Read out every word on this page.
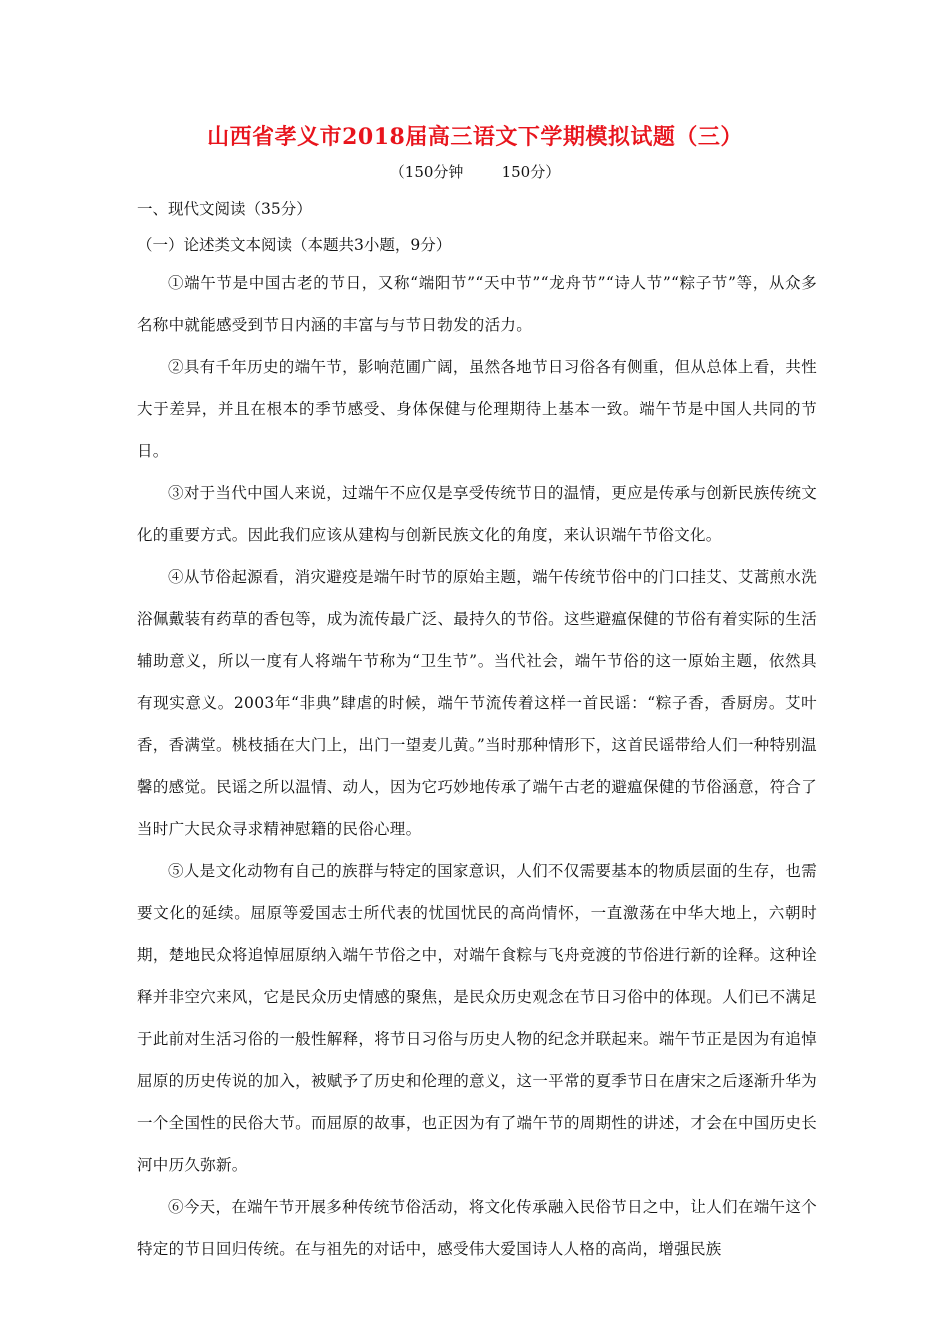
山西省孝义市2018届高三语文下学期模拟试题（三）
（150分钟        150分）
一、现代文阅读（35分）
（一）论述类文本阅读（本题共3小题，9分）

①端午节是中国古老的节日，又称“端阳节”“天中节”“龙舟节”“诗人节”“粽子节”等，从众多名称中就能感受到节日内涵的丰富与与节日勃发的活力。

②具有千年历史的端午节，影响范圃广阔，虽然各地节日习俗各有侧重，但从总体上看，共性大于差异，并且在根本的季节感受、身体保健与伦理期待上基本一致。端午节是中国人共同的节日。

③对于当代中国人来说，过端午不应仅是享受传统节日的温情，更应是传承与创新民族传统文化的重要方式。因此我们应该从建构与创新民族文化的角度，来认识端午节俗文化。

④从节俗起源看，消灾避疫是端午时节的原始主题，端午传统节俗中的门口挂艾、艾蒿煎水洗浴佩戴装有药草的香包等，成为流传最广泛、最持久的节俗。这些避瘟保健的节俗有着实际的生活辅助意义，所以一度有人将端午节称为“卫生节”。当代社会，端午节俗的这一原始主题，依然具有现实意义。2003年“非典”肆虐的时候，端午节流传着这样一首民谣：“粽子香，香厨房。艾叶香，香满堂。桃枝插在大门上，出门一望麦儿黄。”当时那种情形下，这首民谣带给人们一种特别温馨的感觉。民谣之所以温情、动人，因为它巧妙地传承了端午古老的避瘟保健的节俗涵意，符合了当时广大民众寻求精神慰籍的民俗心理。

⑤人是文化动物有自己的族群与特定的国家意识，人们不仅需要基本的物质层面的生存，也需要文化的延续。屈原等爱国志士所代表的忧国忧民的高尚情怀，一直激荡在中华大地上，六朝时期，楚地民众将追悼屈原纳入端午节俗之中，对端午食粽与飞舟竞渡的节俗进行新的诠释。这种诠释并非空穴来风，它是民众历史情感的聚焦，是民众历史观念在节日习俗中的体现。人们已不满足于此前对生活习俗的一般性解释，将节日习俗与历史人物的纪念并联起来。端午节正是因为有追悼屈原的历史传说的加入，被赋予了历史和伦理的意义，这一平常的夏季节日在唐宋之后逐渐升华为一个全国性的民俗大节。而屈原的故事，也正因为有了端午节的周期性的讲述，才会在中国历史长河中历久弥新。

⑥今天，在端午节开展多种传统节俗活动，将文化传承融入民俗节日之中，让人们在端午这个特定的节日回归传统。在与祖先的对话中，感受伟大爱国诗人人格的高尚，增强民族
